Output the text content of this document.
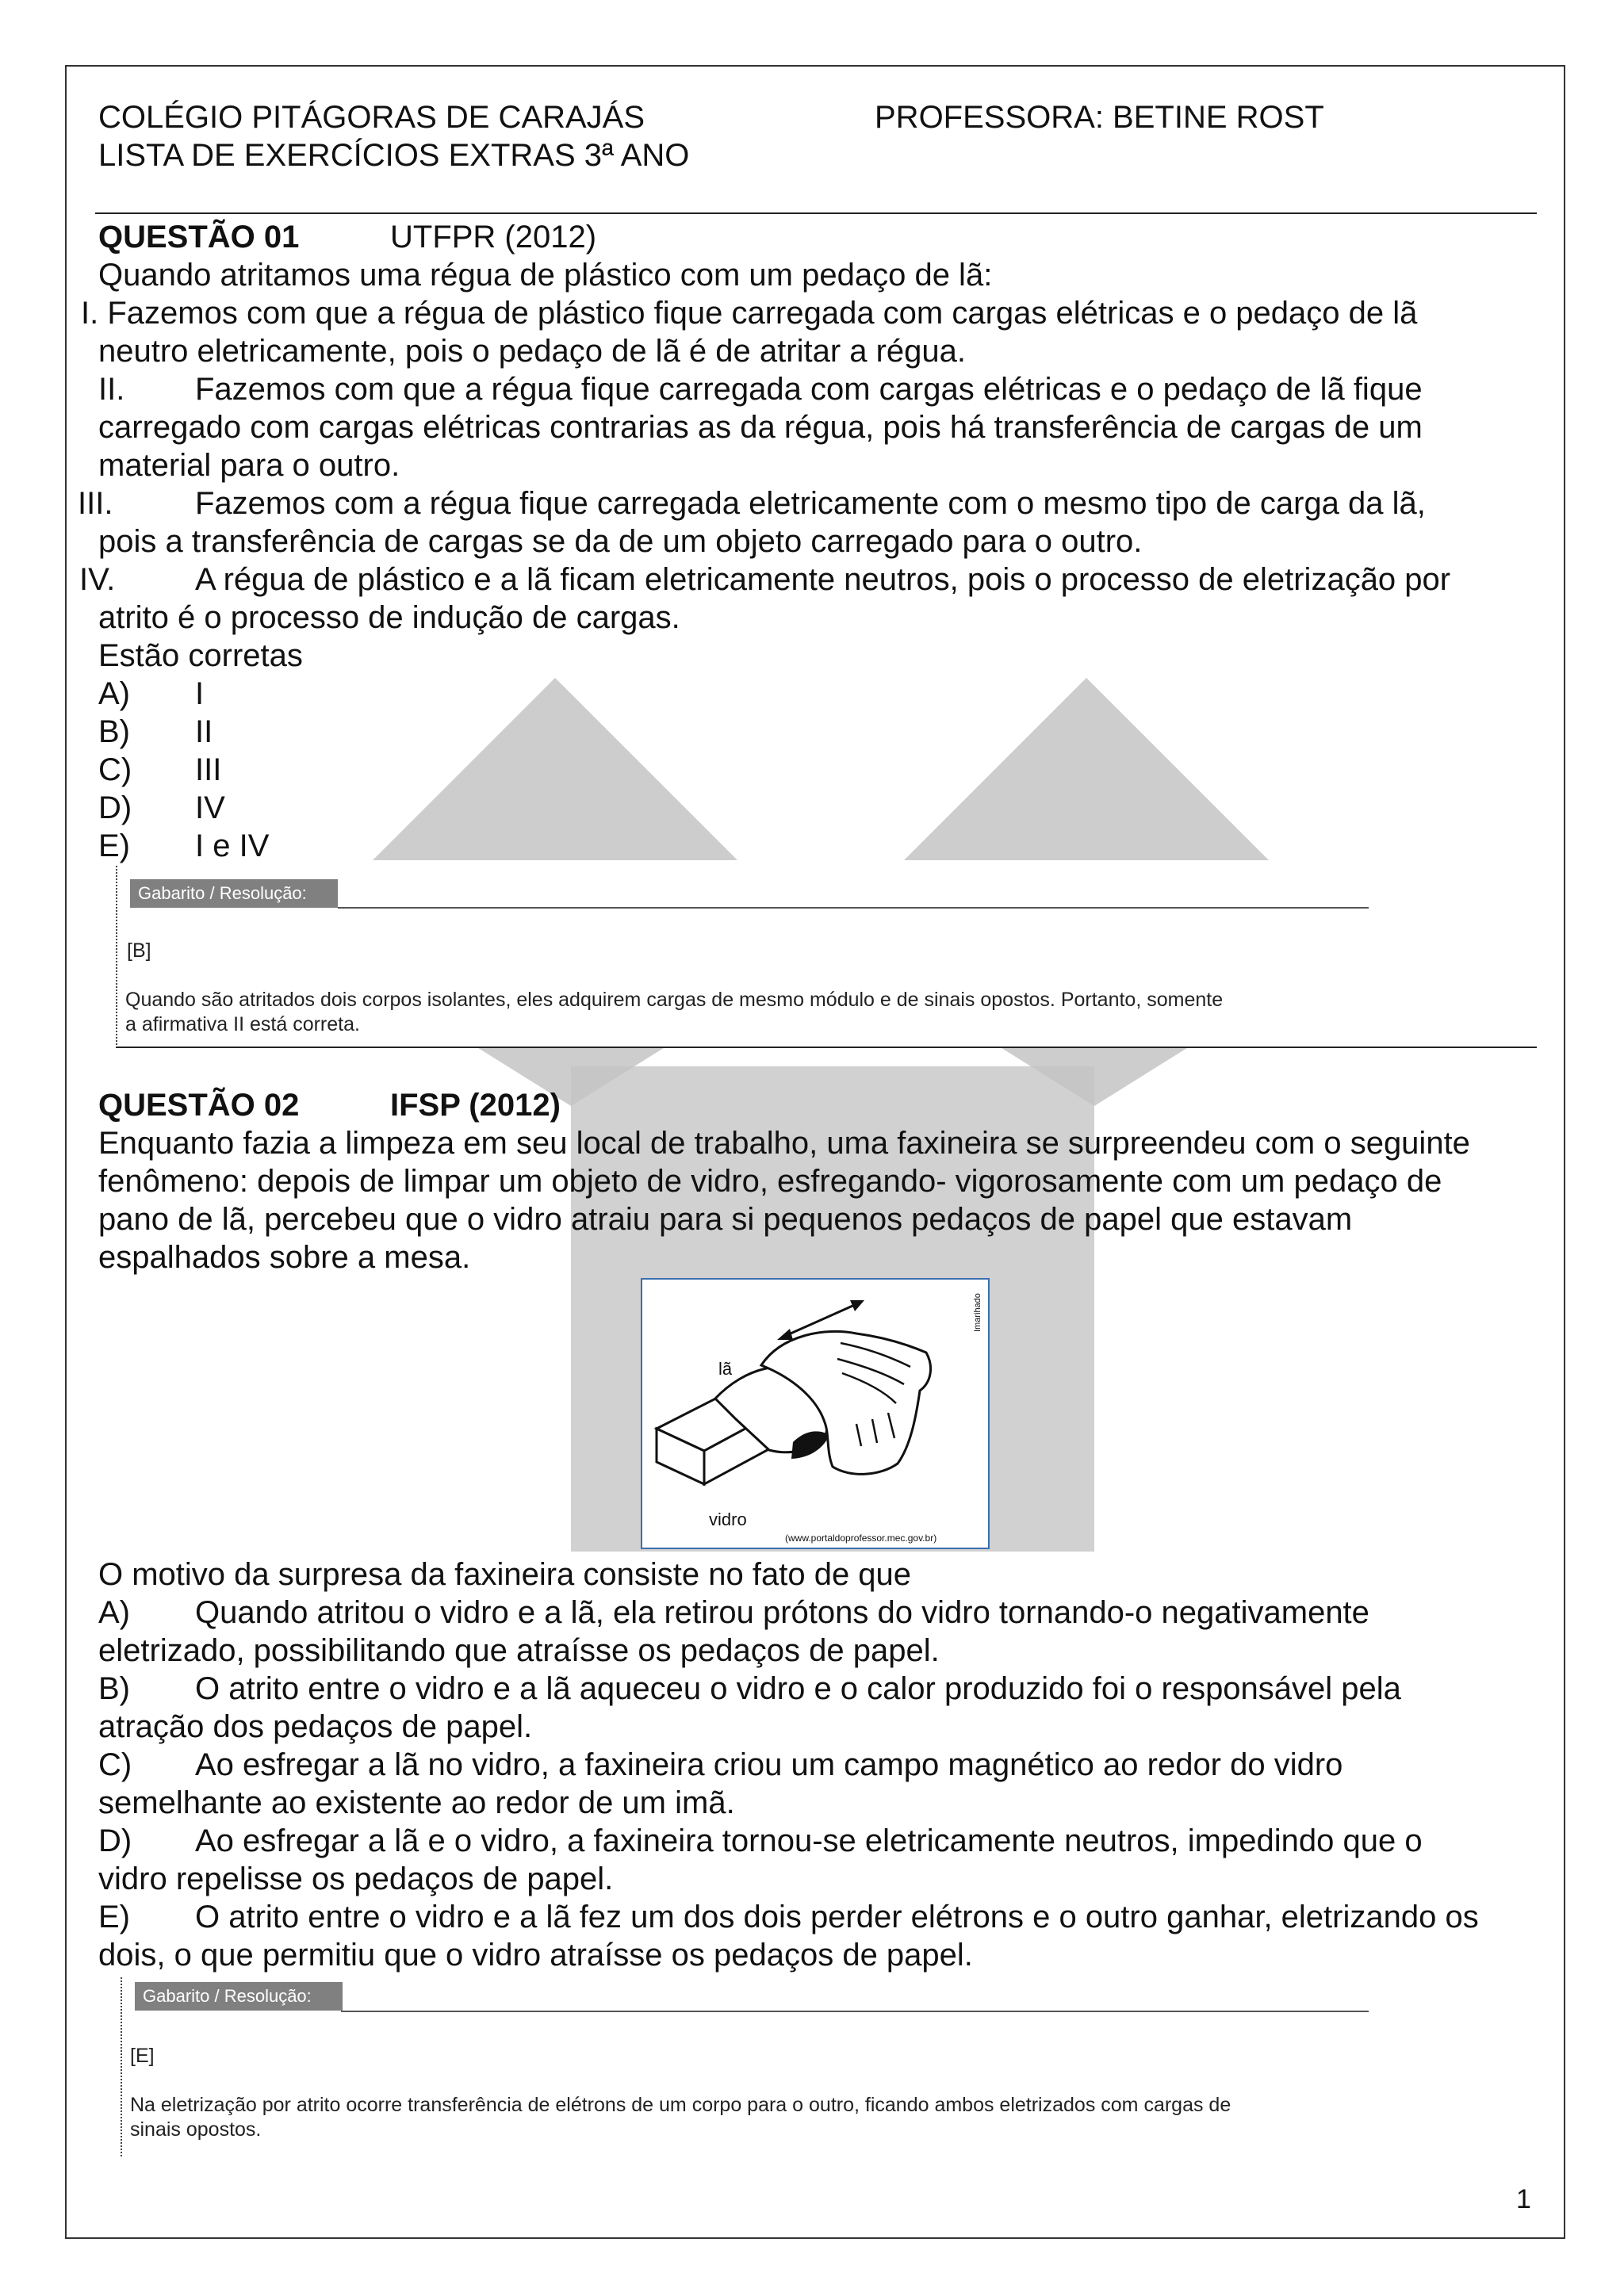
COLÉGIO PITÁGORAS DE CARAJÁS	PROFESSORA: BETINE ROST
LISTA DE EXERCÍCIOS EXTRAS 3ª ANO
QUESTÃO 01	UTFPR (2012)
Quando atritamos uma régua de plástico com um pedaço de lã:
I. Fazemos com que a régua de plástico fique carregada com cargas elétricas e o pedaço de lã
neutro eletricamente, pois o pedaço de lã é de atritar a régua.
II. Fazemos com que a régua fique carregada com cargas elétricas e o pedaço de lã fique
carregado com cargas elétricas contrarias as da régua, pois há transferência de cargas de um
material para o outro.
III.	Fazemos com a régua fique carregada eletricamente com o mesmo tipo de carga da lã,
pois a transferência de cargas se da de um objeto carregado para o outro.
IV.	A régua de plástico e a lã ficam eletricamente neutros, pois o processo de eletrização por
atrito é o processo de indução de cargas.
Estão corretas
A) I
B) II
C) III
D) IV
E) I e IV
Gabarito / Resolução:
[B]
Quando são atritados dois corpos isolantes, eles adquirem cargas de mesmo módulo e de sinais opostos. Portanto, somente
a afirmativa II está correta.
QUESTÃO 02	IFSP (2012)
Enquanto fazia a limpeza em seu local de trabalho, uma faxineira se surpreendeu com o seguinte
fenômeno: depois de limpar um objeto de vidro, esfregando- vigorosamente com um pedaço de
pano de lã, percebeu que o vidro atraiu para si pequenos pedaços de papel que estavam
espalhados sobre a mesa.
lã
vidro
(www.portaldoprofessor.mec.gov.br)
Imarihado
O motivo da surpresa da faxineira consiste no fato de que
A) Quando atritou o vidro e a lã, ela retirou prótons do vidro tornando-o negativamente
eletrizado, possibilitando que atraísse os pedaços de papel.
B) O atrito entre o vidro e a lã aqueceu o vidro e o calor produzido foi o responsável pela
atração dos pedaços de papel.
C) Ao esfregar a lã no vidro, a faxineira criou um campo magnético ao redor do vidro
semelhante ao existente ao redor de um imã.
D) Ao esfregar a lã e o vidro, a faxineira tornou-se eletricamente neutros, impedindo que o
vidro repelisse os pedaços de papel.
E) O atrito entre o vidro e a lã fez um dos dois perder elétrons e o outro ganhar, eletrizando os
dois, o que permitiu que o vidro atraísse os pedaços de papel.
Gabarito / Resolução:
[E]
Na eletrização por atrito ocorre transferência de elétrons de um corpo para o outro, ficando ambos eletrizados com cargas de
sinais opostos.
1
